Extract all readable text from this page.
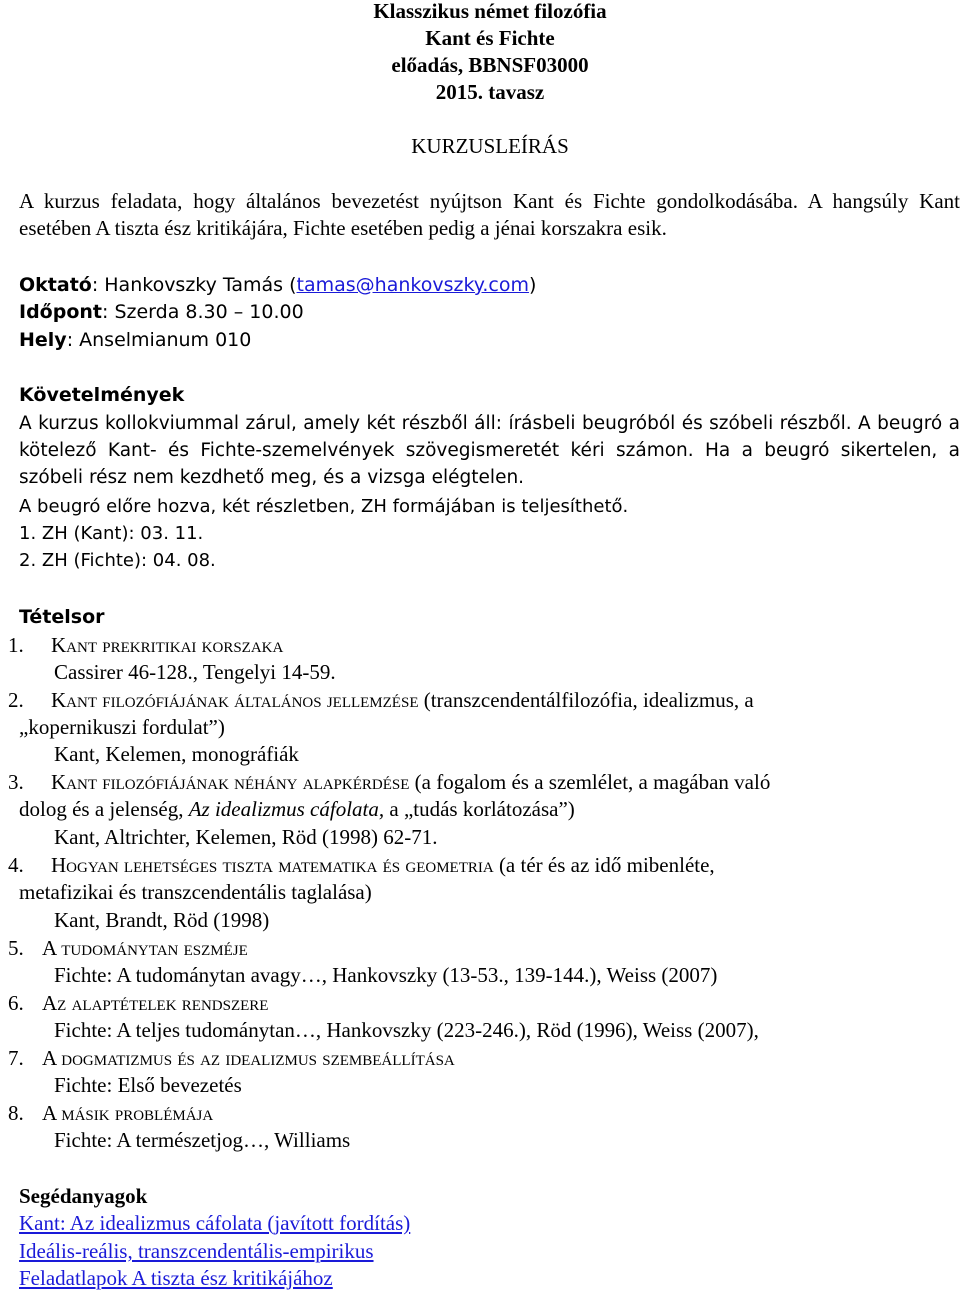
Klasszikus német filozófia
Kant és Fichte
előadás, BBNSF03000
2015. tavasz
KURZUSLEÍRÁS
A kurzus feladata, hogy általános bevezetést nyújtson Kant és Fichte gondolkodásába. A hangsúly Kant esetében A tiszta ész kritikájára, Fichte esetében pedig a jénai korszakra esik.
Oktató: Hankovszky Tamás (tamas@hankovszky.com)
Időpont: Szerda 8.30 – 10.00
Hely: Anselmianum 010
Követelmények
A kurzus kollokviummal zárul, amely két részből áll: írásbeli beugróból és szóbeli részből. A beugró a kötelező Kant- és Fichte-szemelvények szövegismeretét kéri számon. Ha a beugró sikertelen, a szóbeli rész nem kezdhető meg, és a vizsga elégtelen.
A beugró előre hozva, két részletben, ZH formájában is teljesíthető.
1. ZH (Kant): 03. 11.
2. ZH (Fichte): 04. 08.
Tételsor
1. Kant prekritikai korszaka
Cassirer 46-128., Tengelyi 14-59.
2. Kant filozófiájának általános jellemzése (transzcendentálfilozófia, idealizmus, a
„kopernikuszi fordulat”)
Kant, Kelemen, monográfiák
3. Kant filozófiájának néhány alapkérdése (a fogalom és a szemlélet, a magában való
dolog és a jelenség, Az idealizmus cáfolata, a „tudás korlátozása”)
Kant, Altrichter, Kelemen, Röd (1998) 62-71.
4. Hogyan lehetséges tiszta matematika és geometria (a tér és az idő mibenléte,
metafizikai és transzcendentális taglalása)
Kant, Brandt, Röd (1998)
5. A tudománytan eszméje
Fichte: A tudománytan avagy…, Hankovszky (13-53., 139-144.), Weiss (2007)
6. Az alaptételek rendszere
Fichte: A teljes tudománytan…, Hankovszky (223-246.), Röd (1996), Weiss (2007),
7. A dogmatizmus és az idealizmus szembeállítása
Fichte: Első bevezetés
8. A másik problémája
Fichte: A természetjog…, Williams
Segédanyagok
Kant: Az idealizmus cáfolata (javított fordítás)
Ideális-reális, transzcendentális-empirikus
Feladatlapok A tiszta ész kritikájához
